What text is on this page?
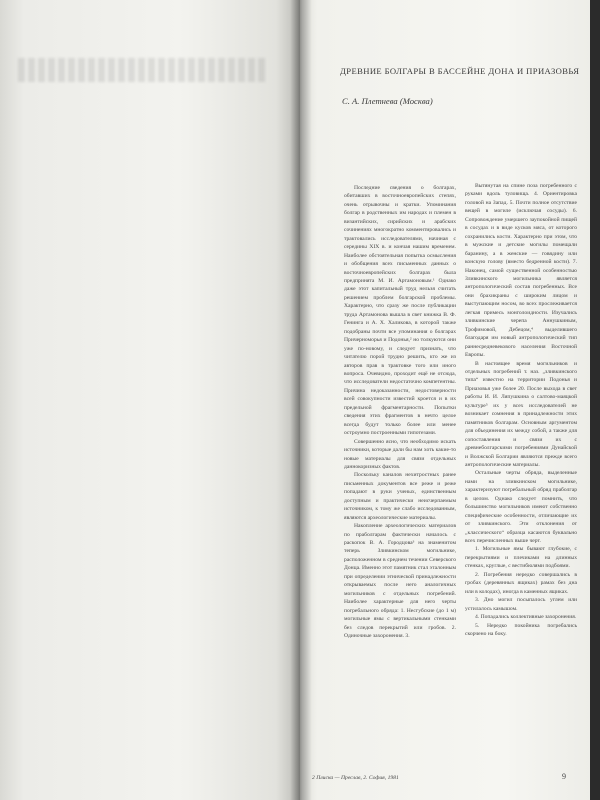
ДРЕВНИЕ БОЛГАРЫ В БАССЕЙНЕ ДОНА И ПРИАЗОВЬЯ
С. А. Плетнева (Москва)

Последние сведения о болгарах, обитавших в восточноевропейских степях, очень отрывочны и кратки. Упоминания болгар в родственных им народах и племен в византийских, сирийских и арабских сочинениях многократно комментировались и трактовались исследователями, начиная с середины XIX в. и кончая нашим временем. Наиболее обстоятельная попытка осмысления и обобщения всех письменных данных о восточноевропейских болгарах была предпринята М. И. Артамоновым.¹ Однако даже этот капитальный труд нельзя считать решением проблем болгарской проблемы. Характерно, что сразу же после публикации труда Артамонова вышла в свет книжка В. Ф. Генинга и А. Х. Халикова, в которой также подобраны почти все упоминания о болгарах Причерноморья и Подонья,² но толкуются они уже по-новому, и следует признать, что читателю порой трудно решить, кто же из авторов прав в трактовке того или иного вопроса. Очевидно, проходит ещё не отсюда, что исследователи недостаточно компетентны. Причина недоказанности, недостоверности всей совокупности известий кроется и в их предельной фрагментарности. Попытки сведения этих фрагментов в нечто целое всегда будут только более или менее остроумно построенными гипотезами.

Совершенно ясно, что необходимо искать источники, которые дали бы нам хоть какие-то новые материалы для связи отдельных даннокоризных фактов.

Поскольку каналов нехитростных ранее письменных документов все реже и реже попадают в руки ученых, единственным доступным и практически неисчерпаемым источником, к тому же слабо исследованным, являются археологические материалы.

Накопление археологических материалов по праболгарам фактически началось с раскопок В. А. Городцова³ на знаменитом теперь Зливкинском могильнике, расположенном в среднем течении Северского Донца. Именно этот памятник стал эталонным при определении этнической принадлежности открываемых после него аналогичных могильников с отдельных погребений. Наиболее характерные для него черты погребального обряда: 1. Несгубские (до 1 м) могильные ямы с вертикальными стенками без следов перекрытий или гробов. 2. Одиночные захоронения. 3.

Вытянутая на спине поза погребенного с руками вдоль туловища. 4. Ориентировка головой на Запад. 5. Почти полное отсутствие вещей в могиле (исключая сосуды). 6. Сопровождение умершего заупокойной пищей в сосудах и в виде кусков мяса, от которого сохранились кости. Характерно при этом, что в мужские и детские могилы помещали баранину, а в женские — говядину или конскую голову (вместо бедренной кости). 7. Наконец, самой существенной особенностью Зливкинского могильника является антропологический состав погребенных. Все они брахикраны с широким лицом и выступающим носом, во всех прослеживается легкая примесь монголоидности. Изучались зливкинские черепа Аннушкиным, Трофимовой, Дебецом,⁴ выделившего благодаря им новый антропологический тип раннесредневекового населения Восточной Европы.

В настоящее время могильников и отдельных погребений т. наз. „зливкинского типа“ известно на территории Подонья и Приазовья уже более 20. После выхода в свет работы И. И. Ляпушкина о салтово-маяцкой культуре⁵ их у всех исследователей не возникает сомнения в принадлежности этих памятников болгарам. Основным аргументом для объединения их между собой, а также для сопоставления и связи их с древнеболгарскими погребениями Дунайской и Волжской Болгарии являются прежде всего антропологические материалы.

Остальные черты обряда, выделенные нами на зливкинском могильнике, характеризуют погребальный обряд праболгар в целом. Однако следует помнить, что большинство могильников имеют собственно специфические особенности, отличающие их от зливкинского. Эти отклонения от „классического“ образца касаются буквально всех перечисленных выше черт.

1. Могильные ямы бывают глубокие, с перекрытиями и плечиками на длинных стенках, круглые, с вестибюлями подбоями.

2. Погребения нередко совершались в гробах (деревянных ящиках) рамах без дна или в колодах), иногда в каменных ящиках.

3. Дно могил посыпалось углем или устилалось камышом.

4. Попадались коллективные захоронения.

5. Нередко покойника погребались скорчено на боку.

2 Плиска — Преслав, 2. София, 1981	9
